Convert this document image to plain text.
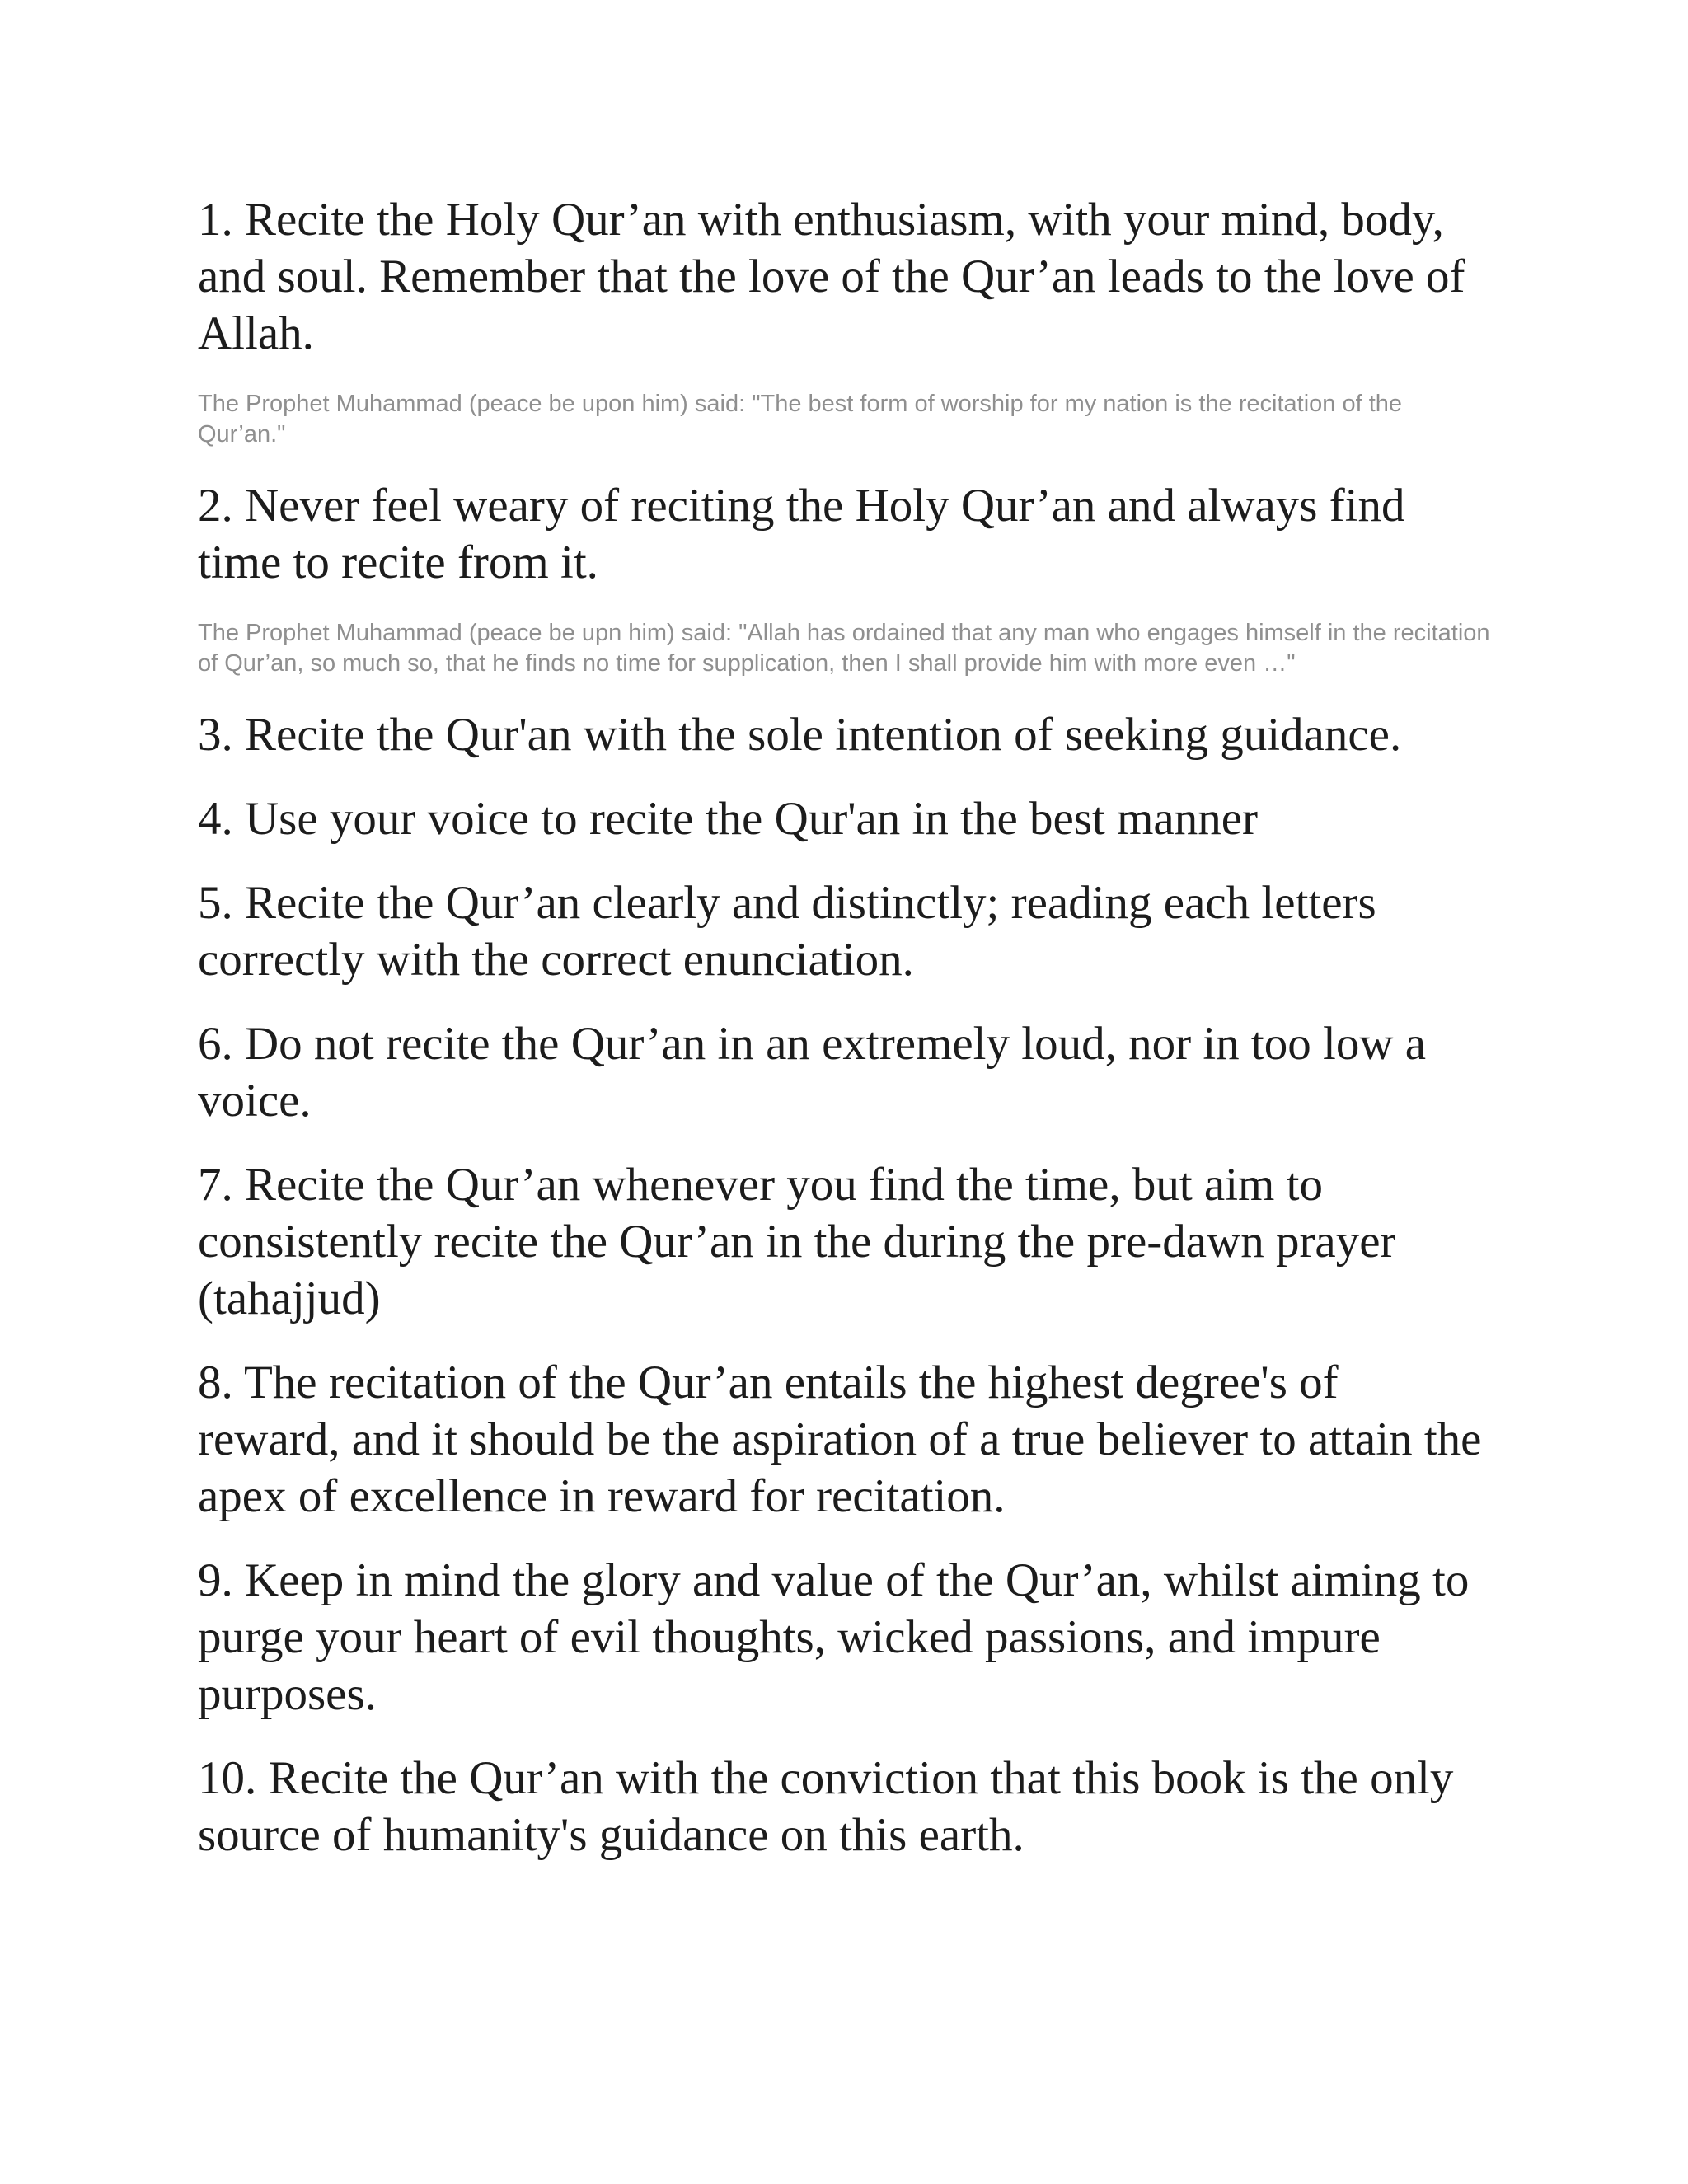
1. Recite the Holy Qur’an with enthusiasm, with your mind, body, and soul. Remember that the love of the Qur’an leads to the love of Allah.

The Prophet Muhammad (peace be upon him) said: "The best form of worship for my nation is the recitation of the Qur’an."

2. Never feel weary of reciting the Holy Qur’an and always find time to recite from it.

The Prophet Muhammad (peace be upn him) said: "Allah has ordained that any man who engages himself in the recitation of Qur’an, so much so, that he finds no time for supplication, then I shall provide him with more even …"

3. Recite the Qur'an with the sole intention of seeking guidance.

4. Use your voice to recite the Qur'an in the best manner

5. Recite the Qur’an clearly and distinctly; reading each letters correctly with the correct enunciation.

6. Do not recite the Qur’an in an extremely loud, nor in too low a voice.

7. Recite the Qur’an whenever you find the time, but aim to consistently recite the Qur’an in the during the pre-dawn prayer (tahajjud)

8. The recitation of the Qur’an entails the highest degree's of reward, and it should be the aspiration of a true believer to attain the apex of excellence in reward for recitation.

9. Keep in mind the glory and value of the Qur’an, whilst aiming to purge your heart of evil thoughts, wicked passions, and impure purposes.

10. Recite the Qur’an with the conviction that this book is the only source of humanity's guidance on this earth.
